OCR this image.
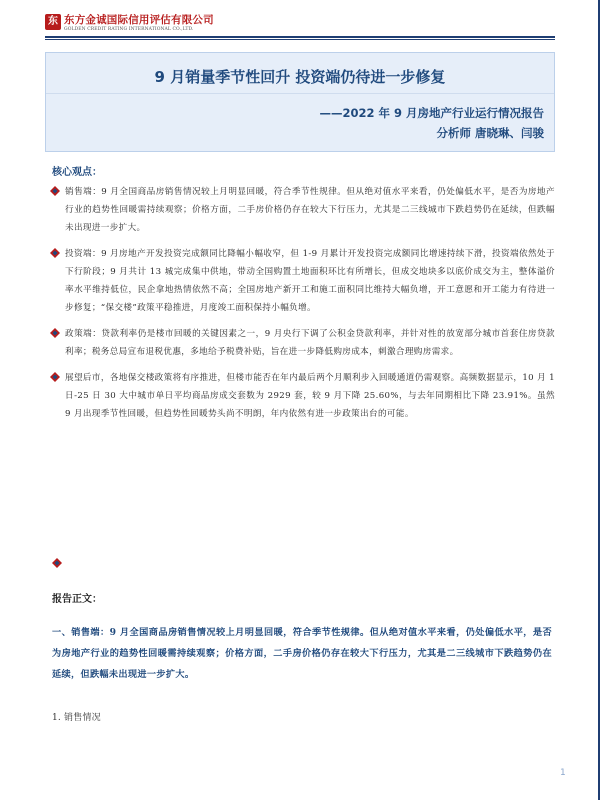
东 东方金诚国际信用评估有限公司
GOLDEN CREDIT RATING INTERNATIONAL CO.,LTD.
9 月销量季节性回升 投资端仍待进一步修复
——2022 年 9 月房地产行业运行情况报告
分析师 唐晓琳、闫骏
核心观点：
销售端：9 月全国商品房销售情况较上月明显回暖，符合季节性规律。但从绝对值水平来看，仍处偏低水平，是否为房地产行业的趋势性回暖需持续观察；价格方面，二手房价格仍存在较大下行压力，尤其是二三线城市下跌趋势仍在延续，但跌幅未出现进一步扩大。
投资端：9 月房地产开发投资完成额同比降幅小幅收窄，但 1-9 月累计开发投资完成额同比增速持续下滑，投资端依然处于下行阶段；9 月共计 13 城完成集中供地，带动全国购置土地面积环比有所增长，但成交地块多以底价成交为主，整体溢价率水平维持低位，民企拿地热情依然不高；全国房地产新开工和施工面积同比维持大幅负增，开工意愿和开工能力有待进一步修复；“保交楼”政策平稳推进，月度竣工面积保持小幅负增。
政策端：贷款利率仍是楼市回暖的关键因素之一，9 月央行下调了公积金贷款利率，并针对性的放宽部分城市首套住房贷款利率；税务总局宣布退税优惠，多地给予税费补贴，旨在进一步降低购房成本，刺激合理购房需求。
展望后市，各地保交楼政策将有序推进，但楼市能否在年内最后两个月顺利步入回暖通道仍需观察。高频数据显示，10 月 1 日-25 日 30 大中城市单日平均商品房成交套数为 2929 套，较 9 月下降 25.60%，与去年同期相比下降 23.91%。虽然 9 月出现季节性回暖，但趋势性回暖势头尚不明朗，年内依然有进一步政策出台的可能。
报告正文：
一、销售端：9 月全国商品房销售情况较上月明显回暖，符合季节性规律。但从绝对值水平来看，仍处偏低水平，是否为房地产行业的趋势性回暖需持续观察；价格方面，二手房价格仍存在较大下行压力，尤其是二三线城市下跌趋势仍在延续，但跌幅未出现进一步扩大。
1. 销售情况
1
